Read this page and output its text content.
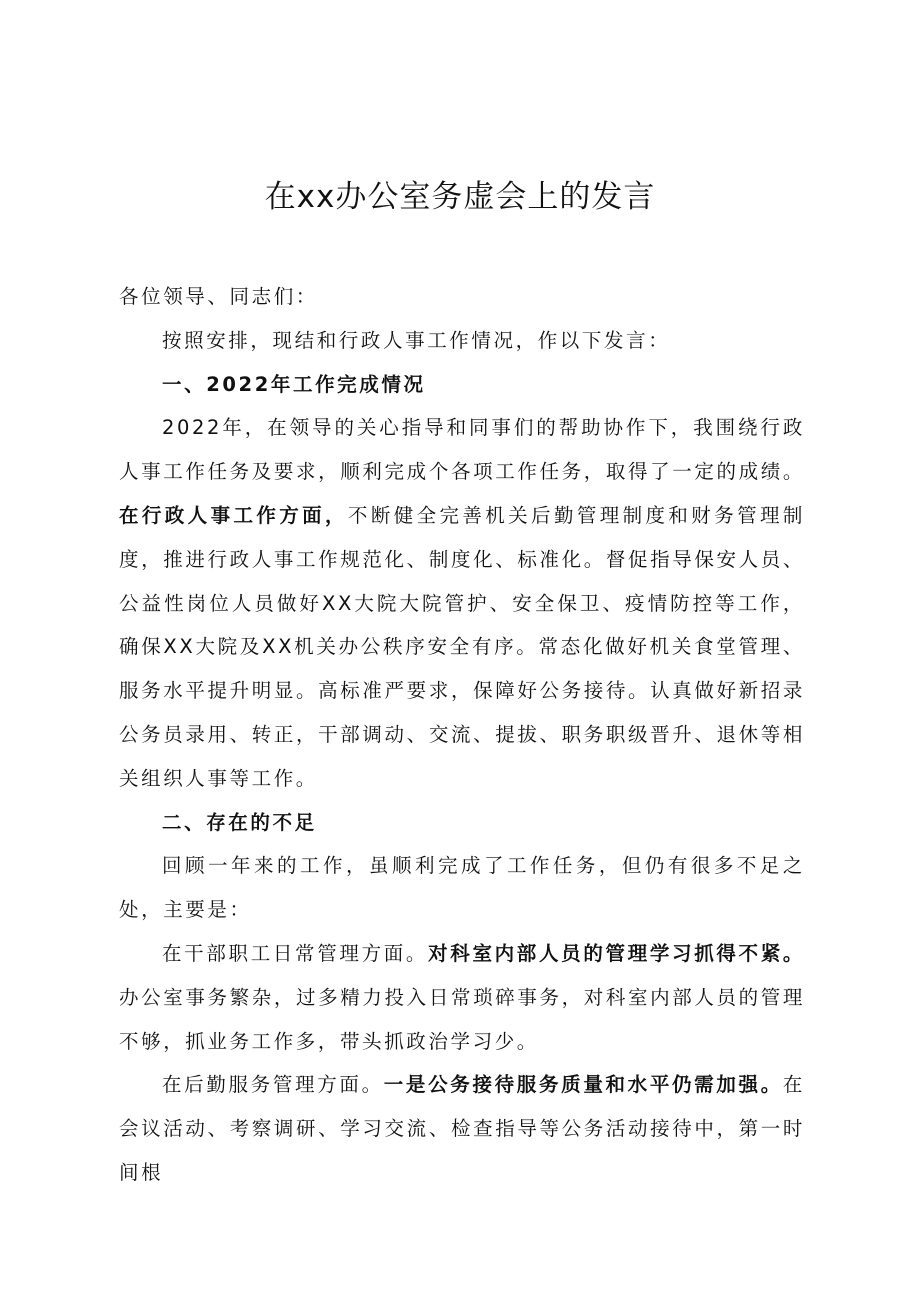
在xx办公室务虚会上的发言

各位领导、同志们：

按照安排，现结和行政人事工作情况，作以下发言：

一、2022年工作完成情况

2022年，在领导的关心指导和同事们的帮助协作下，我围绕行政人事工作任务及要求，顺利完成个各项工作任务，取得了一定的成绩。在行政人事工作方面，不断健全完善机关后勤管理制度和财务管理制度，推进行政人事工作规范化、制度化、标准化。督促指导保安人员、公益性岗位人员做好XX大院大院管护、安全保卫、疫情防控等工作，确保XX大院及XX机关办公秩序安全有序。常态化做好机关食堂管理、服务水平提升明显。高标准严要求，保障好公务接待。认真做好新招录公务员录用、转正，干部调动、交流、提拔、职务职级晋升、退休等相关组织人事等工作。

二、存在的不足

回顾一年来的工作，虽顺利完成了工作任务，但仍有很多不足之处，主要是：

在干部职工日常管理方面。对科室内部人员的管理学习抓得不紧。办公室事务繁杂，过多精力投入日常琐碎事务，对科室内部人员的管理不够，抓业务工作多，带头抓政治学习少。

在后勤服务管理方面。一是公务接待服务质量和水平仍需加强。在会议活动、考察调研、学习交流、检查指导等公务活动接待中，第一时间根
